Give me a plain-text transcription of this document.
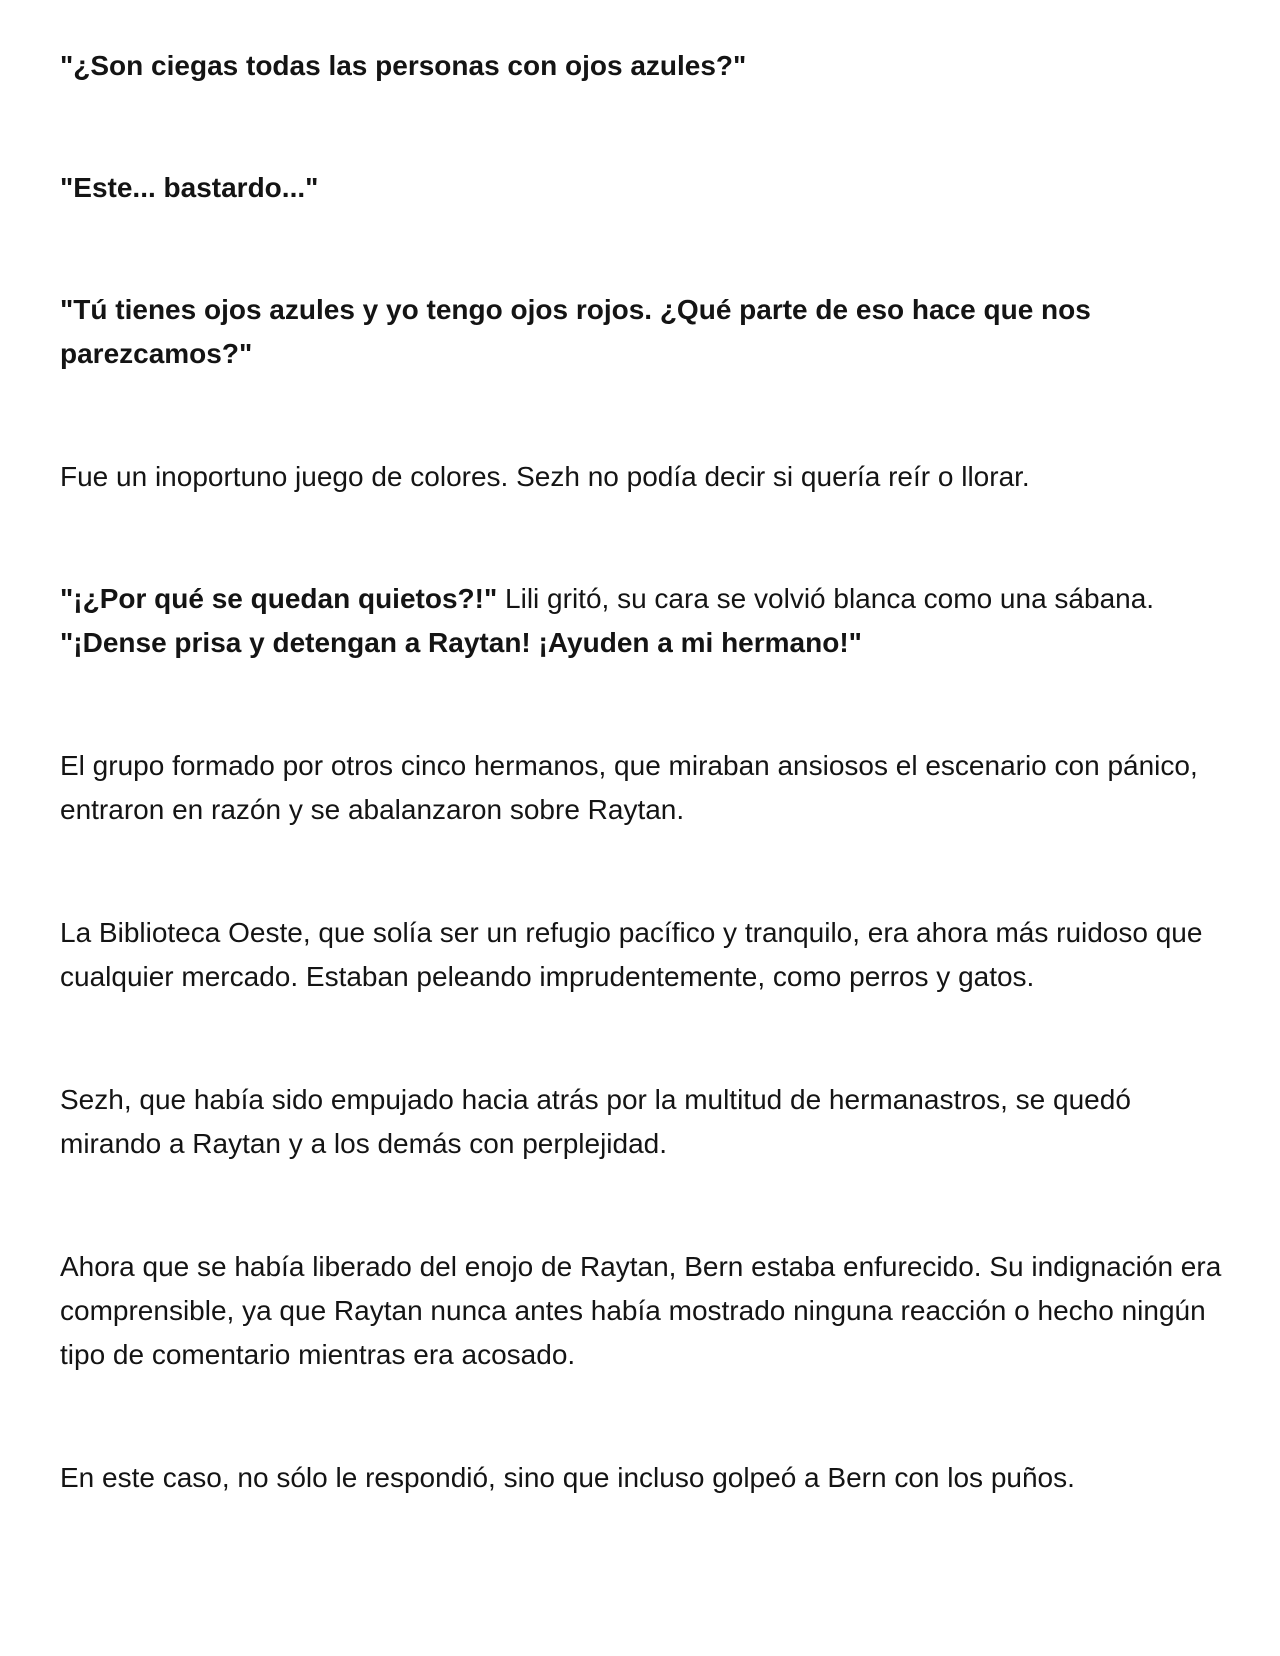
"¿Son ciegas todas las personas con ojos azules?"

"Este... bastardo..."

"Tú tienes ojos azules y yo tengo ojos rojos. ¿Qué parte de eso hace que nos parezcamos?"

Fue un inoportuno juego de colores. Sezh no podía decir si quería reír o llorar.

"¡¿Por qué se quedan quietos?!" Lili gritó, su cara se volvió blanca como una sábana.
"¡Dense prisa y detengan a Raytan! ¡Ayuden a mi hermano!"

El grupo formado por otros cinco hermanos, que miraban ansiosos el escenario con pánico, entraron en razón y se abalanzaron sobre Raytan.

La Biblioteca Oeste, que solía ser un refugio pacífico y tranquilo, era ahora más ruidoso que cualquier mercado. Estaban peleando imprudentemente, como perros y gatos.

Sezh, que había sido empujado hacia atrás por la multitud de hermanastros, se quedó mirando a Raytan y a los demás con perplejidad.

Ahora que se había liberado del enojo de Raytan, Bern estaba enfurecido. Su indignación era comprensible, ya que Raytan nunca antes había mostrado ninguna reacción o hecho ningún tipo de comentario mientras era acosado.

En este caso, no sólo le respondió, sino que incluso golpeó a Bern con los puños.
